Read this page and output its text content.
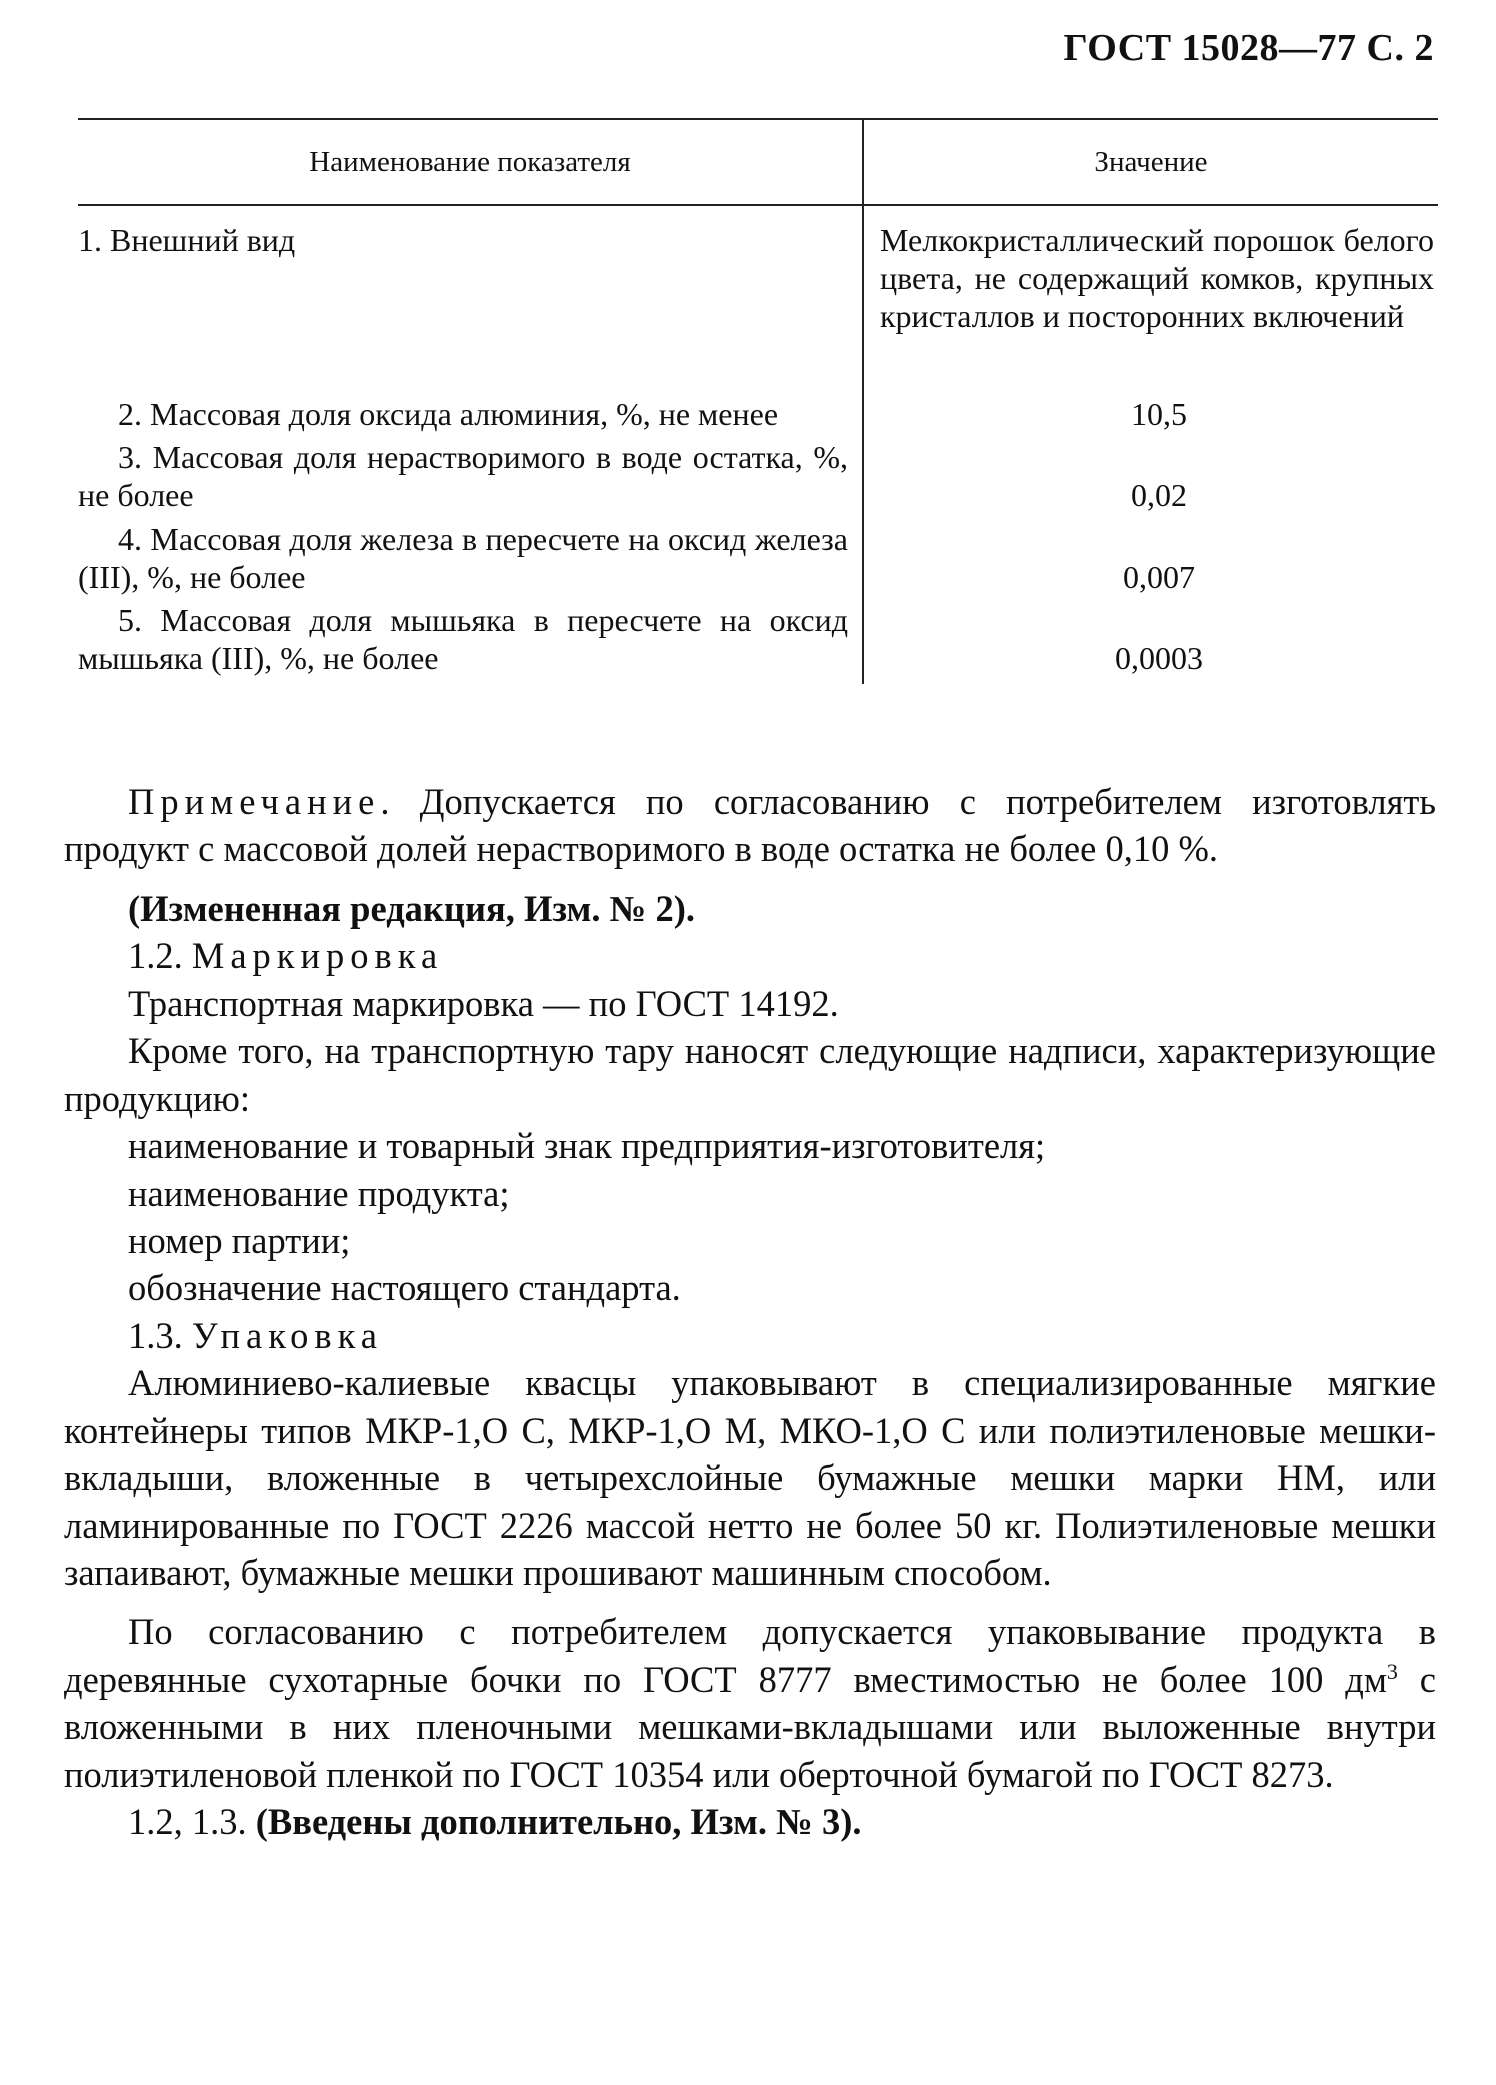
ГОСТ 15028—77 С. 2
Наименование показателя	Значение
1. Внешний вид	Мелкокристаллический порошок белого цвета, не содержащий комков, крупных кристаллов и посторонних включений
2. Массовая доля оксида алюминия, %, не менее	10,5
3. Массовая доля нерастворимого в воде остатка, %, не более	0,02
4. Массовая доля железа в пересчете на оксид железа (III), %, не более	0,007
5. Массовая доля мышьяка в пересчете на оксид мышьяка (III), %, не более	0,0003

Примечание. Допускается по согласованию с потребителем изготовлять продукт с массовой долей нерастворимого в воде остатка не более 0,10 %.

(Измененная редакция, Изм. № 2).

1.2. Маркировка

Транспортная маркировка — по ГОСТ 14192.

Кроме того, на транспортную тару наносят следующие надписи, характеризующие продукцию:

наименование и товарный знак предприятия-изготовителя;

наименование продукта;

номер партии;

обозначение настоящего стандарта.

1.3. Упаковка

Алюминиево-калиевые квасцы упаковывают в специализированные мягкие контейнеры типов МКР-1,О С, МКР-1,О М, МКО-1,О С или полиэтиленовые мешки-вкладыши, вложенные в четырехслойные бумажные мешки марки НМ, или ламинированные по ГОСТ 2226 массой нетто не более 50 кг. Полиэтиленовые мешки запаивают, бумажные мешки прошивают машинным способом.

По согласованию с потребителем допускается упаковывание продукта в деревянные сухотарные бочки по ГОСТ 8777 вместимостью не более 100 $дм^3$ с вложенными в них пленочными мешками-вкладышами или выложенные внутри полиэтиленовой пленкой по ГОСТ 10354 или оберточной бумагой по ГОСТ 8273.

1.2, 1.3. (Введены дополнительно, Изм. № 3).
